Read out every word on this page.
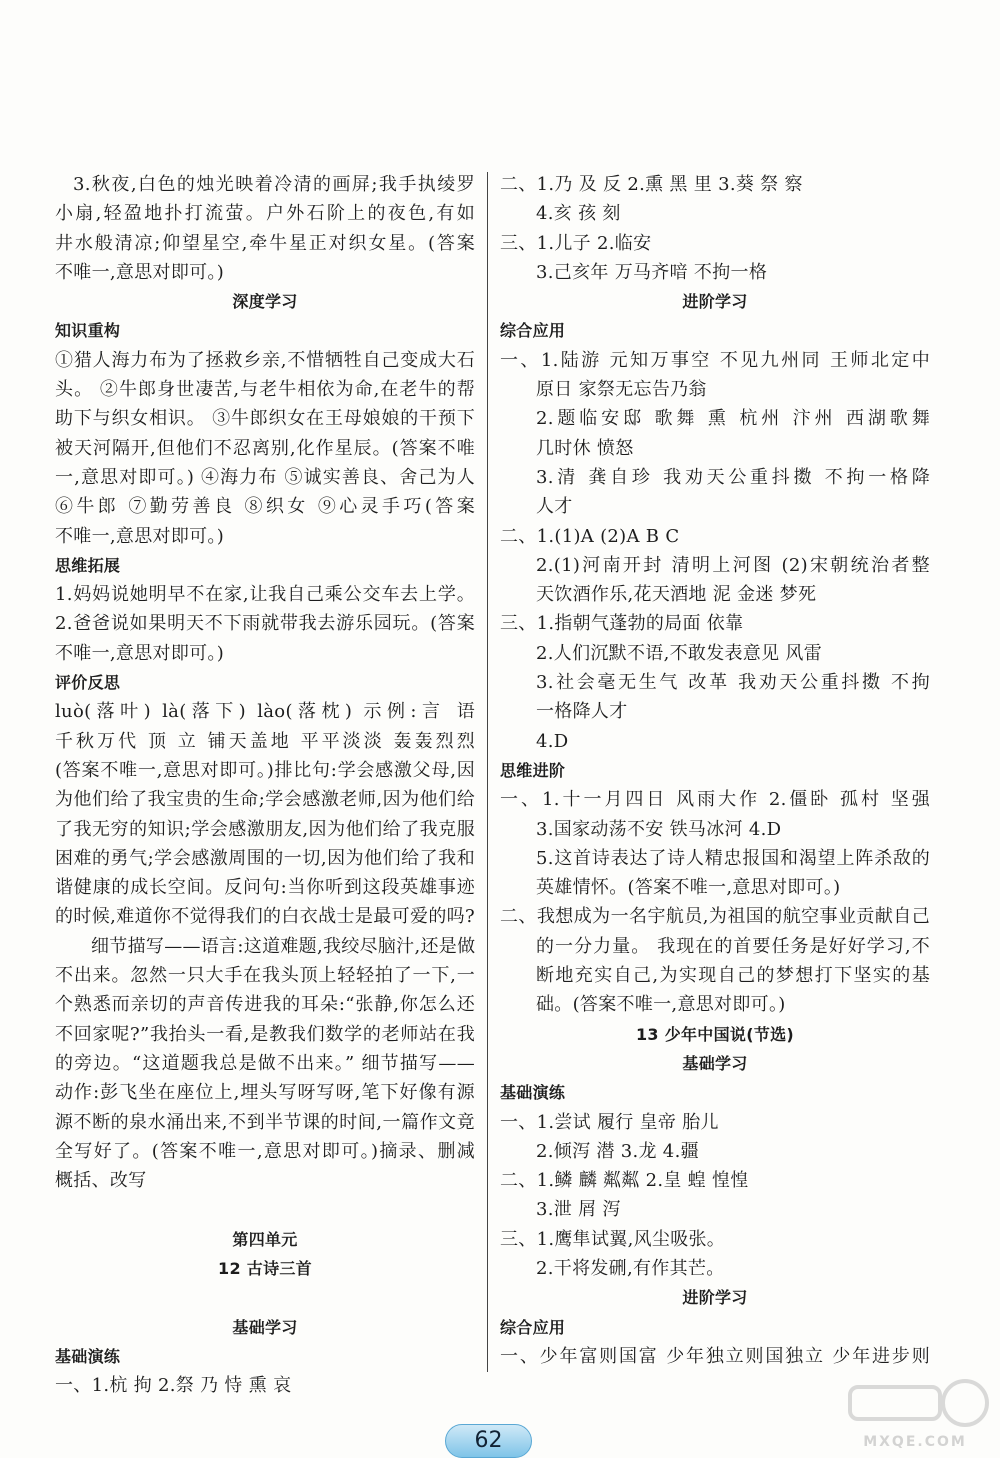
3.秋夜,白色的烛光映着冷清的画屏;我手执绫罗
小扇,轻盈地扑打流萤。户外石阶上的夜色,有如
井水般清凉;仰望星空,牵牛星正对织女星。(答案
不唯一,意思对即可。)
深度学习
知识重构
①猎人海力布为了拯救乡亲,不惜牺牲自己变成大石
头。 ②牛郎身世凄苦,与老牛相依为命,在老牛的帮
助下与织女相识。 ③牛郎织女在王母娘娘的干预下
被天河隔开,但他们不忍离别,化作星辰。(答案不唯
一,意思对即可。) ④海力布 ⑤诚实善良、舍己为人
⑥牛郎 ⑦勤劳善良 ⑧织女 ⑨心灵手巧(答案
不唯一,意思对即可。)
思维拓展
1.妈妈说她明早不在家,让我自己乘公交车去上学。
2.爸爸说如果明天不下雨就带我去游乐园玩。(答案
不唯一,意思对即可。)
评价反思
luò(落叶) là(落下) lào(落枕) 示例:言 语
千秋万代 顶 立 铺天盖地 平平淡淡 轰轰烈烈
(答案不唯一,意思对即可。)排比句:学会感激父母,因
为他们给了我宝贵的生命;学会感激老师,因为他们给
了我无穷的知识;学会感激朋友,因为他们给了我克服
困难的勇气;学会感激周围的一切,因为他们给了我和
谐健康的成长空间。反问句:当你听到这段英雄事迹
的时候,难道你不觉得我们的白衣战士是最可爱的吗?
细节描写——语言:这道难题,我绞尽脑汁,还是做
不出来。忽然一只大手在我头顶上轻轻拍了一下,一
个熟悉而亲切的声音传进我的耳朵:“张静,你怎么还
不回家呢?”我抬头一看,是教我们数学的老师站在我
的旁边。“这道题我总是做不出来。” 细节描写——
动作:彭飞坐在座位上,埋头写呀写呀,笔下好像有源
源不断的泉水涌出来,不到半节课的时间,一篇作文竟
全写好了。(答案不唯一,意思对即可。)摘录、删减
概括、改写
第四单元
12 古诗三首
基础学习
基础演练
一、1.杭 拘 2.祭 乃 恃 熏 哀
二、1.乃 及 反 2.熏 黑 里 3.葵 祭 察
4.亥 孩 刻
三、1.儿子 2.临安
3.己亥年 万马齐喑 不拘一格
进阶学习
综合应用
一、1.陆游 元知万事空 不见九州同 王师北定中
原日 家祭无忘告乃翁
2.题临安邸 歌舞 熏 杭州 汴州 西湖歌舞
几时休 愤怒
3.清 龚自珍 我劝天公重抖擞 不拘一格降
人才
二、1.(1)A (2)A B C
2.(1)河南开封 清明上河图 (2)宋朝统治者整
天饮酒作乐,花天酒地 泥 金迷 梦死
三、1.指朝气蓬勃的局面 依靠
2.人们沉默不语,不敢发表意见 风雷
3.社会毫无生气 改革 我劝天公重抖擞 不拘
一格降人才
4.D
思维进阶
一、1.十一月四日 风雨大作 2.僵卧 孤村 坚强
3.国家动荡不安 铁马冰河 4.D
5.这首诗表达了诗人精忠报国和渴望上阵杀敌的
英雄情怀。(答案不唯一,意思对即可。)
二、我想成为一名宇航员,为祖国的航空事业贡献自己
的一分力量。 我现在的首要任务是好好学习,不
断地充实自己,为实现自己的梦想打下坚实的基
础。(答案不唯一,意思对即可。)
13 少年中国说(节选)
基础学习
基础演练
一、1.尝试 履行 皇帝 胎儿
2.倾泻 潜 3.龙 4.疆
二、1.鳞 麟 粼粼 2.皇 蝗 惶惶
3.泄 屑 泻
三、1.鹰隼试翼,风尘吸张。
2.干将发硎,有作其芒。
进阶学习
综合应用
一、少年富则国富 少年独立则国独立 少年进步则
62	MXQE.COM
